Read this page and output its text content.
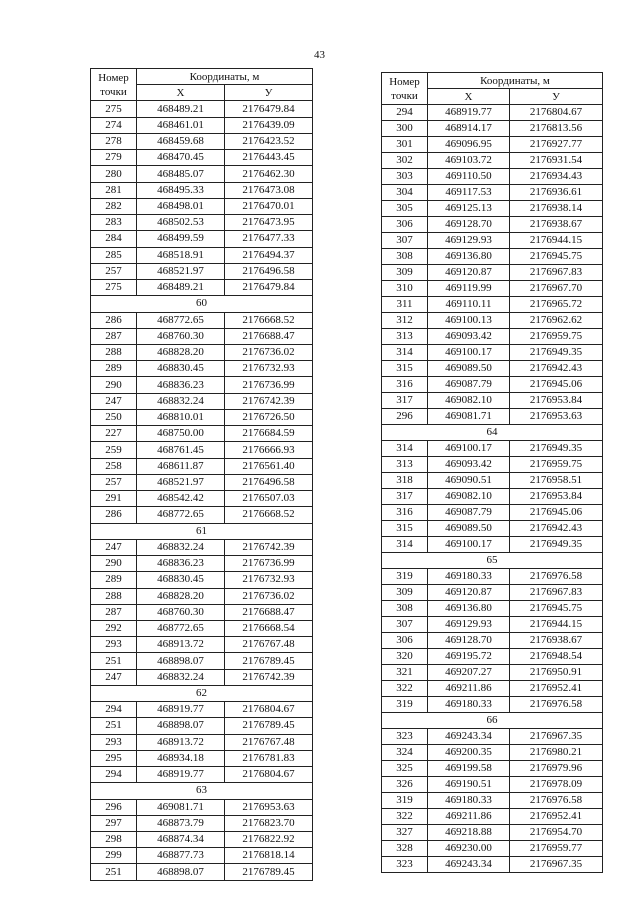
43
Номер точки	Координаты, м	
	X	У
275	468489.21	2176479.84
274	468461.01	2176439.09
278	468459.68	2176423.52
279	468470.45	2176443.45
280	468485.07	2176462.30
281	468495.33	2176473.08
282	468498.01	2176470.01
283	468502.53	2176473.95
284	468499.59	2176477.33
285	468518.91	2176494.37
257	468521.97	2176496.58
275	468489.21	2176479.84
60		
286	468772.65	2176668.52
287	468760.30	2176688.47
288	468828.20	2176736.02
289	468830.45	2176732.93
290	468836.23	2176736.99
247	468832.24	2176742.39
250	468810.01	2176726.50
227	468750.00	2176684.59
259	468761.45	2176666.93
258	468611.87	2176561.40
257	468521.97	2176496.58
291	468542.42	2176507.03
286	468772.65	2176668.52
61		
247	468832.24	2176742.39
290	468836.23	2176736.99
289	468830.45	2176732.93
288	468828.20	2176736.02
287	468760.30	2176688.47
292	468772.65	2176668.54
293	468913.72	2176767.48
251	468898.07	2176789.45
247	468832.24	2176742.39
62		
294	468919.77	2176804.67
251	468898.07	2176789.45
293	468913.72	2176767.48
295	468934.18	2176781.83
294	468919.77	2176804.67
63		
296	469081.71	2176953.63
297	468873.79	2176823.70
298	468874.34	2176822.92
299	468877.73	2176818.14
251	468898.07	2176789.45
Номер точки	Координаты, м	
	X	У
294	468919.77	2176804.67
300	468914.17	2176813.56
301	469096.95	2176927.77
302	469103.72	2176931.54
303	469110.50	2176934.43
304	469117.53	2176936.61
305	469125.13	2176938.14
306	469128.70	2176938.67
307	469129.93	2176944.15
308	469136.80	2176945.75
309	469120.87	2176967.83
310	469119.99	2176967.70
311	469110.11	2176965.72
312	469100.13	2176962.62
313	469093.42	2176959.75
314	469100.17	2176949.35
315	469089.50	2176942.43
316	469087.79	2176945.06
317	469082.10	2176953.84
296	469081.71	2176953.63
64		
314	469100.17	2176949.35
313	469093.42	2176959.75
318	469090.51	2176958.51
317	469082.10	2176953.84
316	469087.79	2176945.06
315	469089.50	2176942.43
314	469100.17	2176949.35
65		
319	469180.33	2176976.58
309	469120.87	2176967.83
308	469136.80	2176945.75
307	469129.93	2176944.15
306	469128.70	2176938.67
320	469195.72	2176948.54
321	469207.27	2176950.91
322	469211.86	2176952.41
319	469180.33	2176976.58
66		
323	469243.34	2176967.35
324	469200.35	2176980.21
325	469199.58	2176979.96
326	469190.51	2176978.09
319	469180.33	2176976.58
322	469211.86	2176952.41
327	469218.88	2176954.70
328	469230.00	2176959.77
323	469243.34	2176967.35
